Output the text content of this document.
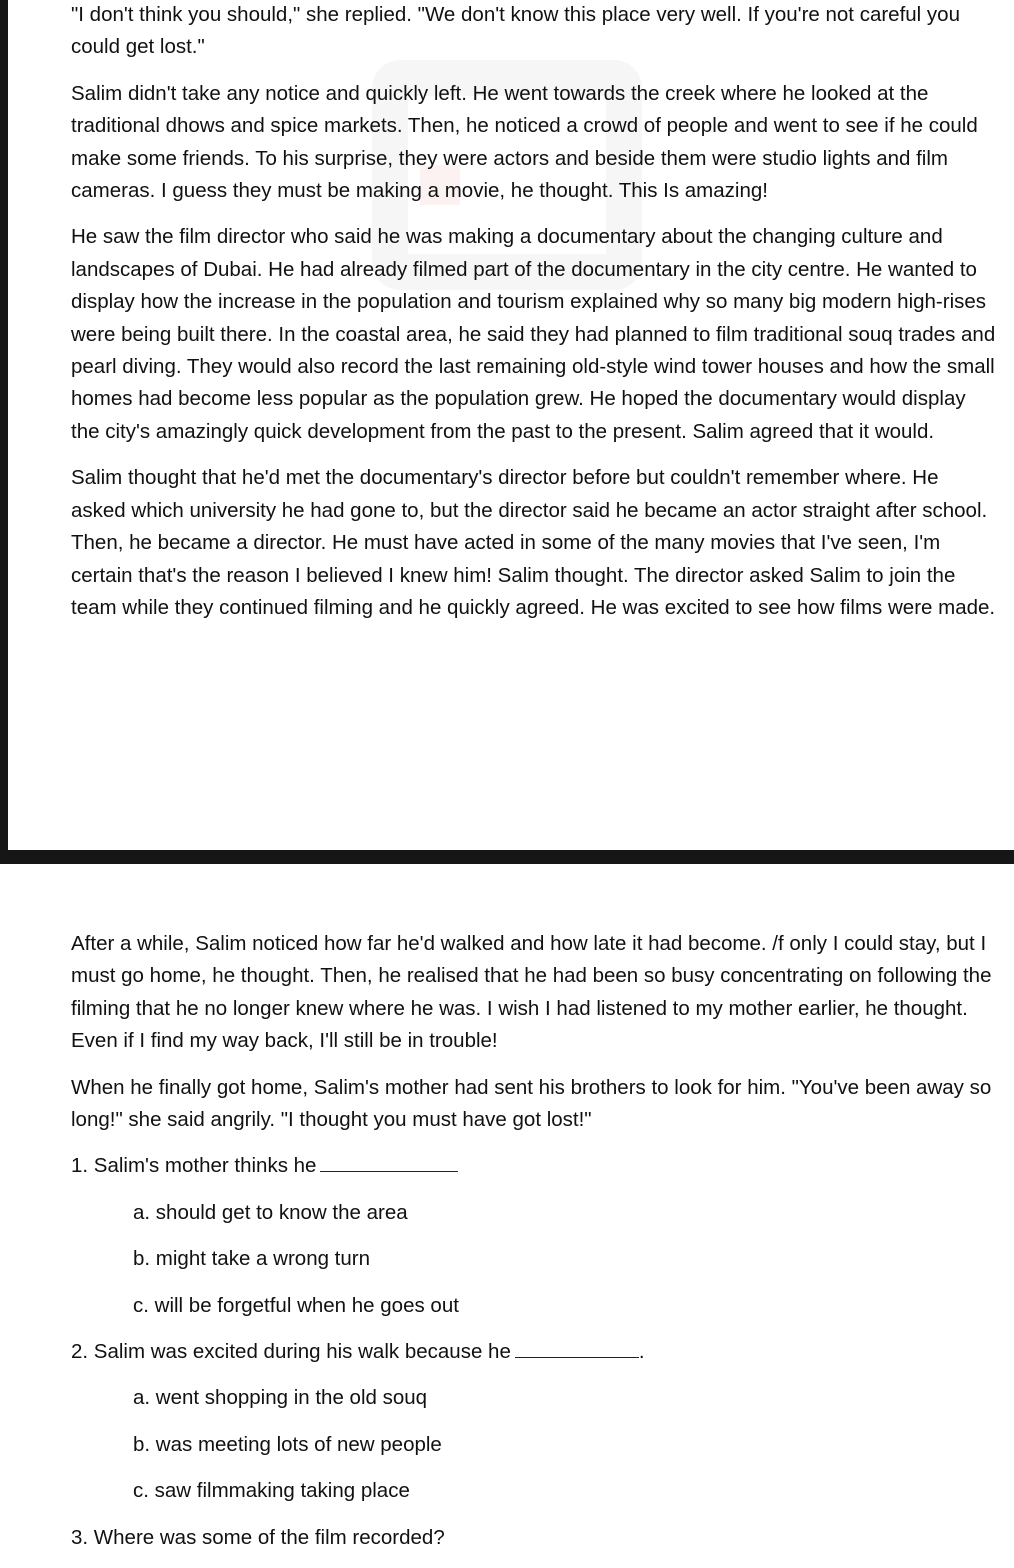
"I don't think you should," she replied. "We don't know this place very well. If you're not careful you could get lost."

Salim didn't take any notice and quickly left. He went towards the creek where he looked at the traditional dhows and spice markets. Then, he noticed a crowd of people and went to see if he could make some friends. To his surprise, they were actors and beside them were studio lights and film cameras. I guess they must be making a movie, he thought. This Is amazing!

He saw the film director who said he was making a documentary about the changing culture and landscapes of Dubai. He had already filmed part of the documentary in the city centre. He wanted to display how the increase in the population and tourism explained why so many big modern high-rises were being built there. In the coastal area, he said they had planned to film traditional souq trades and pearl diving. They would also record the last remaining old-style wind tower houses and how the small homes had become less popular as the population grew. He hoped the documentary would display the city's amazingly quick development from the past to the present. Salim agreed that it would.

Salim thought that he'd met the documentary's director before but couldn't remember where. He asked which university he had gone to, but the director said he became an actor straight after school. Then, he became a director. He must have acted in some of the many movies that I've seen, I'm certain that's the reason I believed I knew him! Salim thought. The director asked Salim to join the team while they continued filming and he quickly agreed. He was excited to see how films were made.

After a while, Salim noticed how far he'd walked and how late it had become. /f only I could stay, but I must go home, he thought. Then, he realised that he had been so busy concentrating on following the filming that he no longer knew where he was. I wish I had listened to my mother earlier, he thought. Even if I find my way back, I'll still be in trouble!

When he finally got home, Salim's mother had sent his brothers to look for him. "You've been away so long!" she said angrily. "I thought you must have got lost!"

1. Salim's mother thinks he
a. should get to know the area
b. might take a wrong turn
c. will be forgetful when he goes out
2. Salim was excited during his walk because he	.
a. went shopping in the old souq
b. was meeting lots of new people
c. saw filmmaking taking place
3. Where was some of the film recorded?
